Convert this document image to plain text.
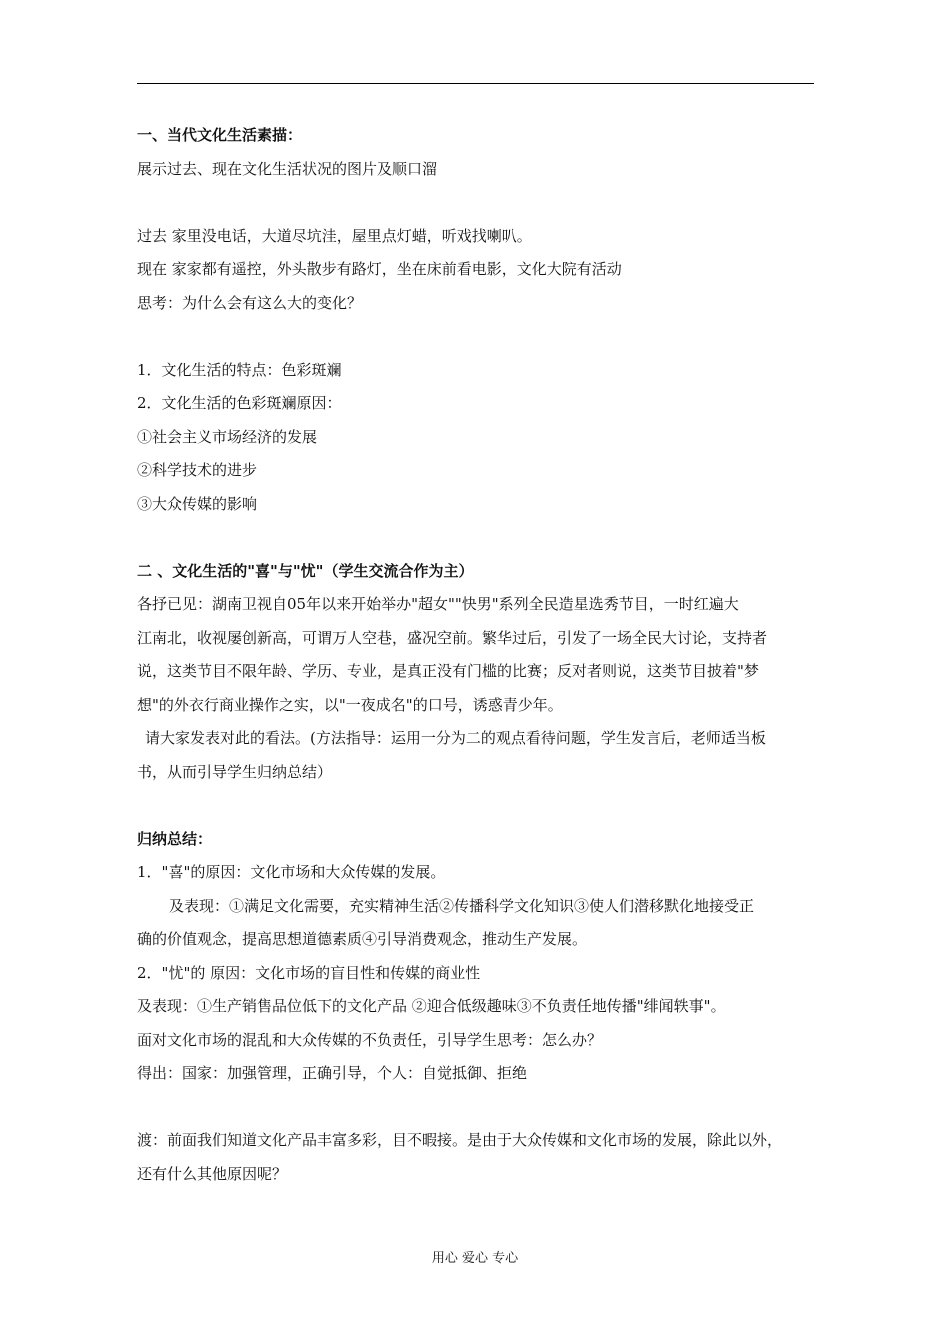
一、当代文化生活素描：
展示过去、现在文化生活状况的图片及顺口溜
过去 家里没电话，大道尽坑洼，屋里点灯蜡，听戏找喇叭。
现在 家家都有遥控，外头散步有路灯，坐在床前看电影，文化大院有活动
思考：为什么会有这么大的变化？
1．文化生活的特点：色彩斑斓
2．文化生活的色彩斑斓原因：
①社会主义市场经济的发展
②科学技术的进步
③大众传媒的影响
二 、文化生活的"喜"与"忧"（学生交流合作为主）
各抒已见：湖南卫视自05年以来开始举办"超女""快男"系列全民造星选秀节目，一时红遍大
江南北，收视屡创新高，可谓万人空巷，盛况空前。繁华过后，引发了一场全民大讨论，支持者
说，这类节目不限年龄、学历、专业，是真正没有门槛的比赛；反对者则说，这类节目披着"梦
想"的外衣行商业操作之实，以"一夜成名"的口号，诱惑青少年。
请大家发表对此的看法。(方法指导：运用一分为二的观点看待问题，学生发言后，老师适当板
书，从而引导学生归纳总结）
归纳总结：
1．"喜"的原因：文化市场和大众传媒的发展。
及表现：①满足文化需要，充实精神生活②传播科学文化知识③使人们潜移默化地接受正
确的价值观念，提高思想道德素质④引导消费观念，推动生产发展。
2．"忧"的 原因：文化市场的盲目性和传媒的商业性
及表现：①生产销售品位低下的文化产品 ②迎合低级趣味③不负责任地传播"绯闻轶事"。
面对文化市场的混乱和大众传媒的不负责任，引导学生思考：怎么办？
得出：国家：加强管理，正确引导，个人：自觉抵御、拒绝
渡：前面我们知道文化产品丰富多彩，目不暇接。是由于大众传媒和文化市场的发展，除此以外，
还有什么其他原因呢？
用心 爱心 专心
